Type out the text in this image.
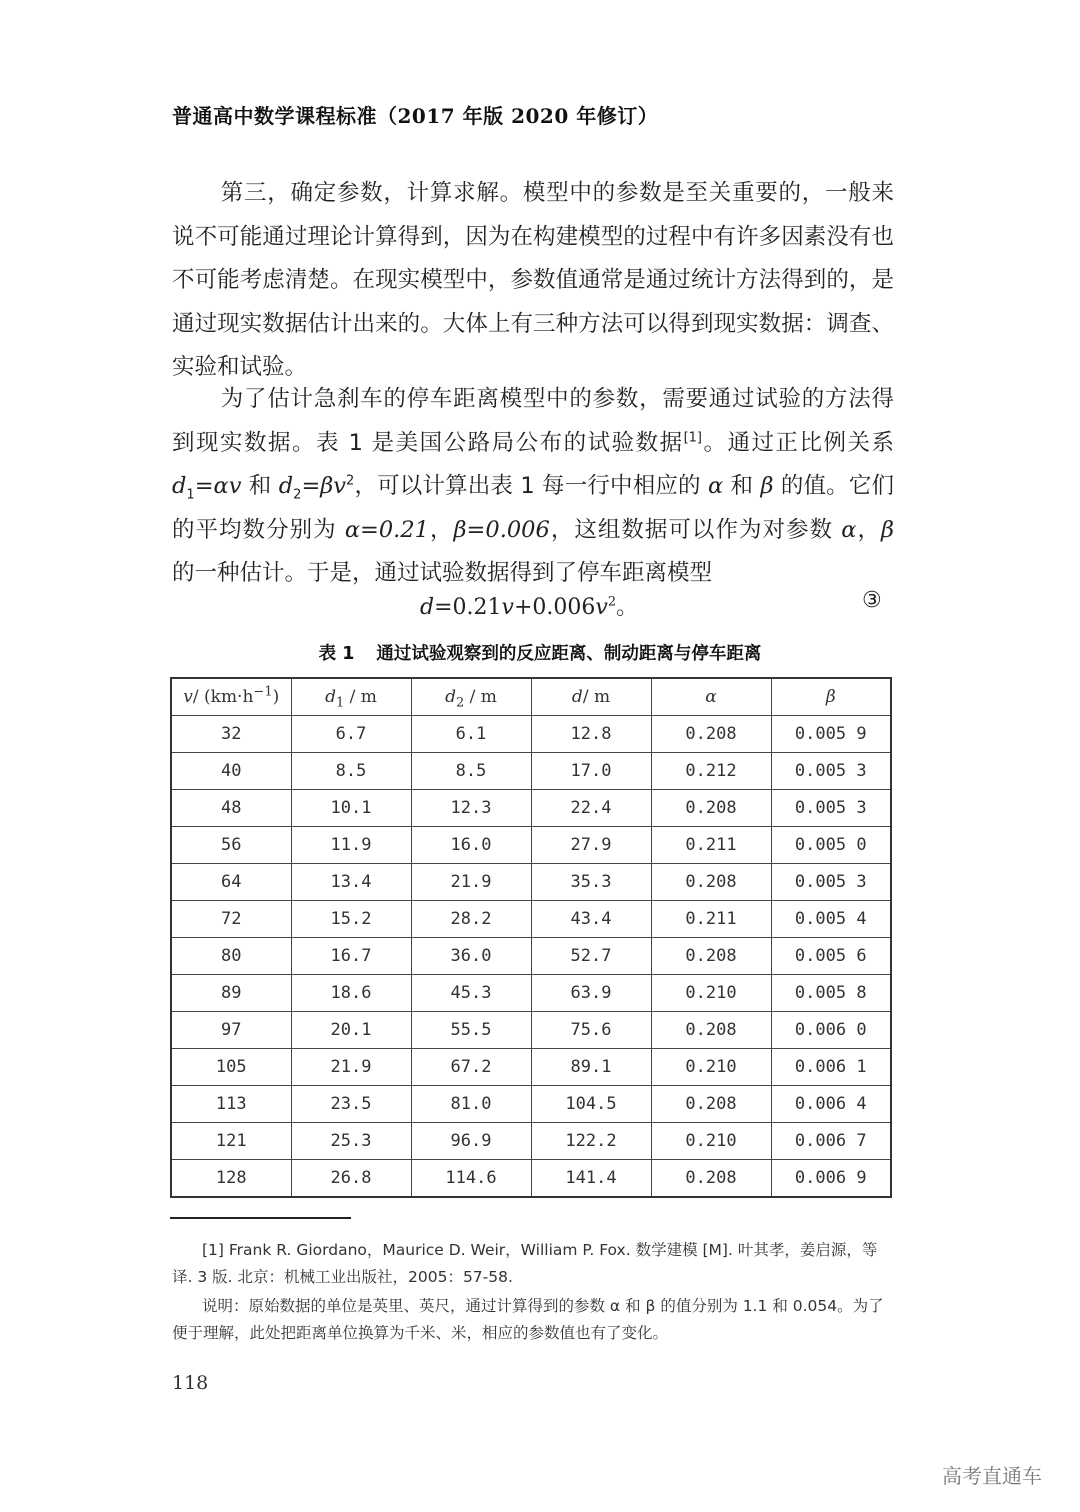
普通高中数学课程标准（2017 年版 2020 年修订）
第三，确定参数，计算求解。模型中的参数是至关重要的，一般来说不可能通过理论计算得到，因为在构建模型的过程中有许多因素没有也不可能考虑清楚。在现实模型中，参数值通常是通过统计方法得到的，是通过现实数据估计出来的。大体上有三种方法可以得到现实数据：调查、实验和试验。
为了估计急刹车的停车距离模型中的参数，需要通过试验的方法得到现实数据。表 1 是美国公路局公布的试验数据[1]。通过正比例关系 $d_1=\alpha v$ 和 $d_2=\beta v^2$，可以计算出表 1 每一行中相应的 α 和 β 的值。它们的平均数分别为 α=0.21，β=0.006，这组数据可以作为对参数 α，β 的一种估计。于是，通过试验数据得到了停车距离模型
$d=0.21v+0.006v^2$。	③
表 1 通过试验观察到的反应距离、制动距离与停车距离
v/ $(km\cdot h^{-1})$	$d_1$ / m	$d_2$ / m	d/ m	α	β
32	6.7	6.1	12.8	0.208	0.005 9
40	8.5	8.5	17.0	0.212	0.005 3
48	10.1	12.3	22.4	0.208	0.005 3
56	11.9	16.0	27.9	0.211	0.005 0
64	13.4	21.9	35.3	0.208	0.005 3
72	15.2	28.2	43.4	0.211	0.005 4
80	16.7	36.0	52.7	0.208	0.005 6
89	18.6	45.3	63.9	0.210	0.005 8
97	20.1	55.5	75.6	0.208	0.006 0
105	21.9	67.2	89.1	0.210	0.006 1
113	23.5	81.0	104.5	0.208	0.006 4
121	25.3	96.9	122.2	0.210	0.006 7
128	26.8	114.6	141.4	0.208	0.006 9
[1] Frank R. Giordano，Maurice D. Weir，William P. Fox. 数学建模 [M]. 叶其孝，姜启源，等译. 3 版. 北京：机械工业出版社，2005：57-58.
说明：原始数据的单位是英里、英尺，通过计算得到的参数 α 和 β 的值分别为 1.1 和 0.054。为了便于理解，此处把距离单位换算为千米、米，相应的参数值也有了变化。
118
高考直通车
